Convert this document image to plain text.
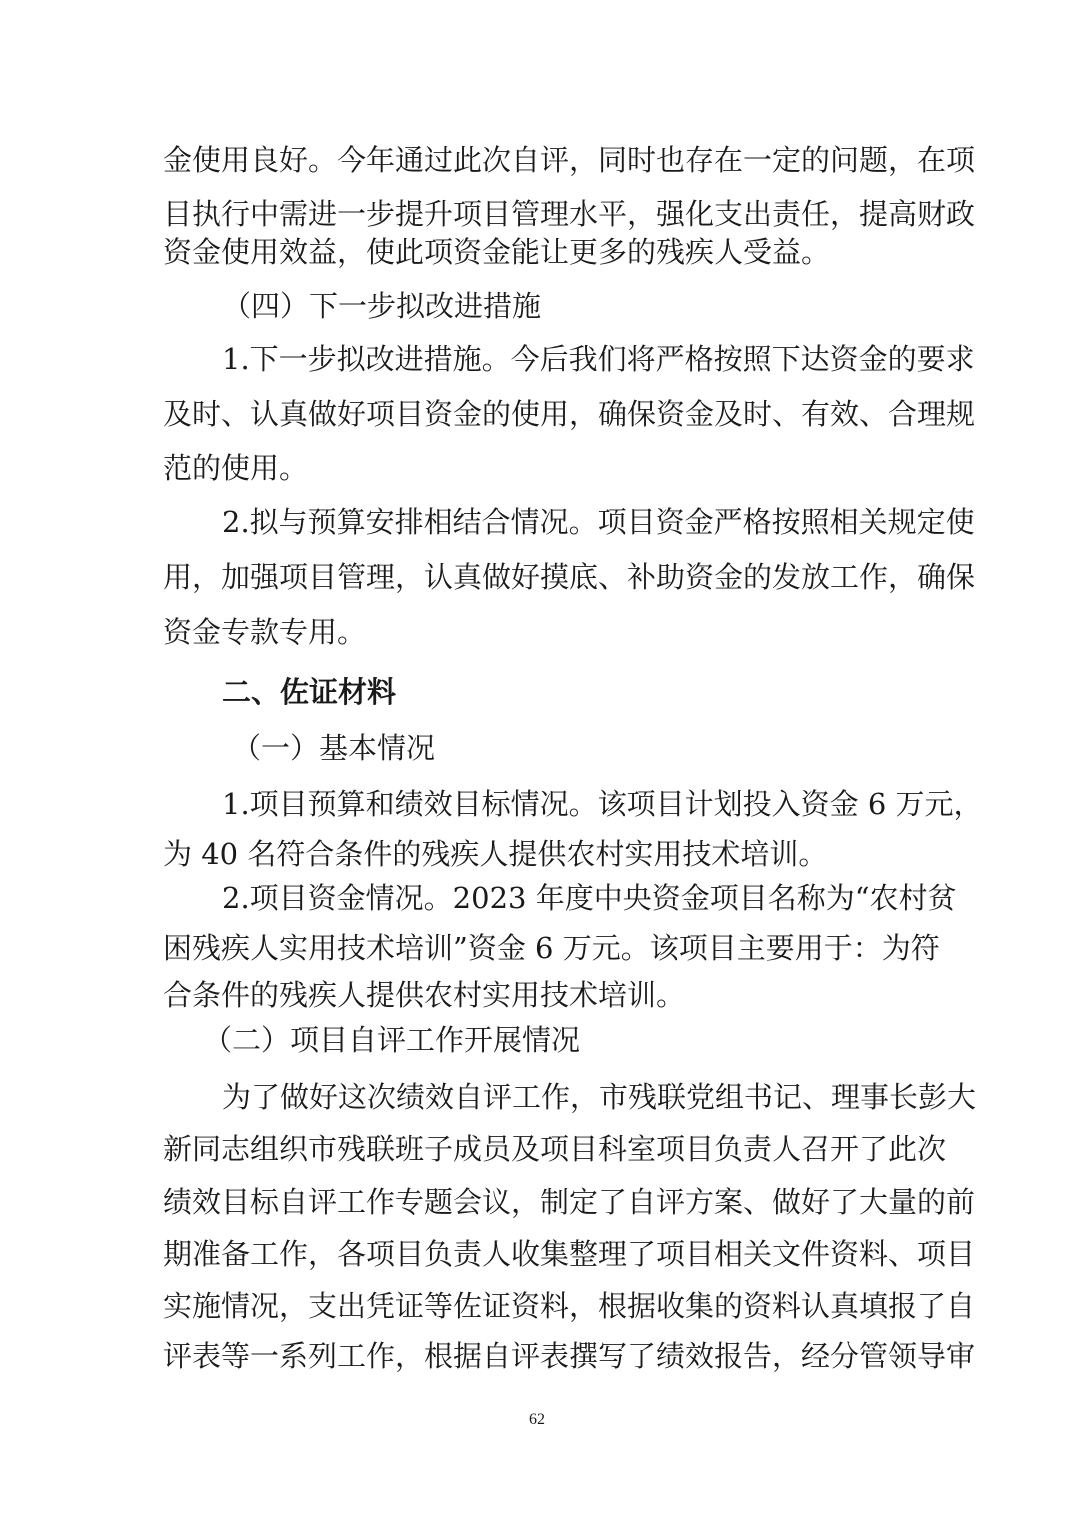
金使用良好。今年通过此次自评，同时也存在一定的问题，在项
目执行中需进一步提升项目管理水平，强化支出责任，提高财政
资金使用效益，使此项资金能让更多的残疾人受益。
（四）下一步拟改进措施
1.下一步拟改进措施。今后我们将严格按照下达资金的要求
及时、认真做好项目资金的使用，确保资金及时、有效、合理规
范的使用。
2.拟与预算安排相结合情况。项目资金严格按照相关规定使
用，加强项目管理，认真做好摸底、补助资金的发放工作，确保
资金专款专用。
二、佐证材料
（一）基本情况
1.项目预算和绩效目标情况。该项目计划投入资金 6 万元，
为 40 名符合条件的残疾人提供农村实用技术培训。
2.项目资金情况。2023 年度中央资金项目名称为“农村贫
困残疾人实用技术培训”资金 6 万元。该项目主要用于：为符
合条件的残疾人提供农村实用技术培训。
（二）项目自评工作开展情况
为了做好这次绩效自评工作，市残联党组书记、理事长彭大
新同志组织市残联班子成员及项目科室项目负责人召开了此次
绩效目标自评工作专题会议，制定了自评方案、做好了大量的前
期准备工作，各项目负责人收集整理了项目相关文件资料、项目
实施情况，支出凭证等佐证资料，根据收集的资料认真填报了自
评表等一系列工作，根据自评表撰写了绩效报告，经分管领导审
62
